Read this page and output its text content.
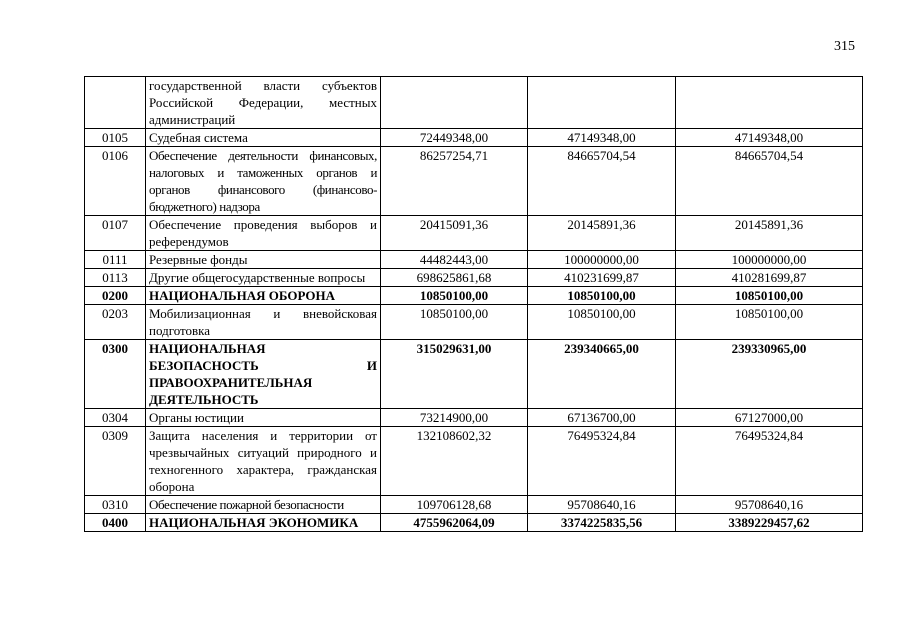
315
	государственной власти субъектов Российской Федерации, местных администраций			
0105	Судебная система	72449348,00	47149348,00	47149348,00
0106	Обеспечение деятельности финансовых, налоговых и таможенных органов и органов финансового (финансово-бюджетного) надзора	86257254,71	84665704,54	84665704,54
0107	Обеспечение проведения выборов и референдумов	20415091,36	20145891,36	20145891,36
0111	Резервные фонды	44482443,00	100000000,00	100000000,00
0113	Другие общегосударственные вопросы	698625861,68	410231699,87	410281699,87
0200	НАЦИОНАЛЬНАЯ ОБОРОНА	10850100,00	10850100,00	10850100,00
0203	Мобилизационная и вневойсковая подготовка	10850100,00	10850100,00	10850100,00
0300	НАЦИОНАЛЬНАЯ БЕЗОПАСНОСТЬ И ПРАВООХРАНИТЕЛЬНАЯ ДЕЯТЕЛЬНОСТЬ	315029631,00	239340665,00	239330965,00
0304	Органы юстиции	73214900,00	67136700,00	67127000,00
0309	Защита населения и территории от чрезвычайных ситуаций природного и техногенного характера, гражданская оборона	132108602,32	76495324,84	76495324,84
0310	Обеспечение пожарной безопасности	109706128,68	95708640,16	95708640,16
0400	НАЦИОНАЛЬНАЯ ЭКОНОМИКА	4755962064,09	3374225835,56	3389229457,62
